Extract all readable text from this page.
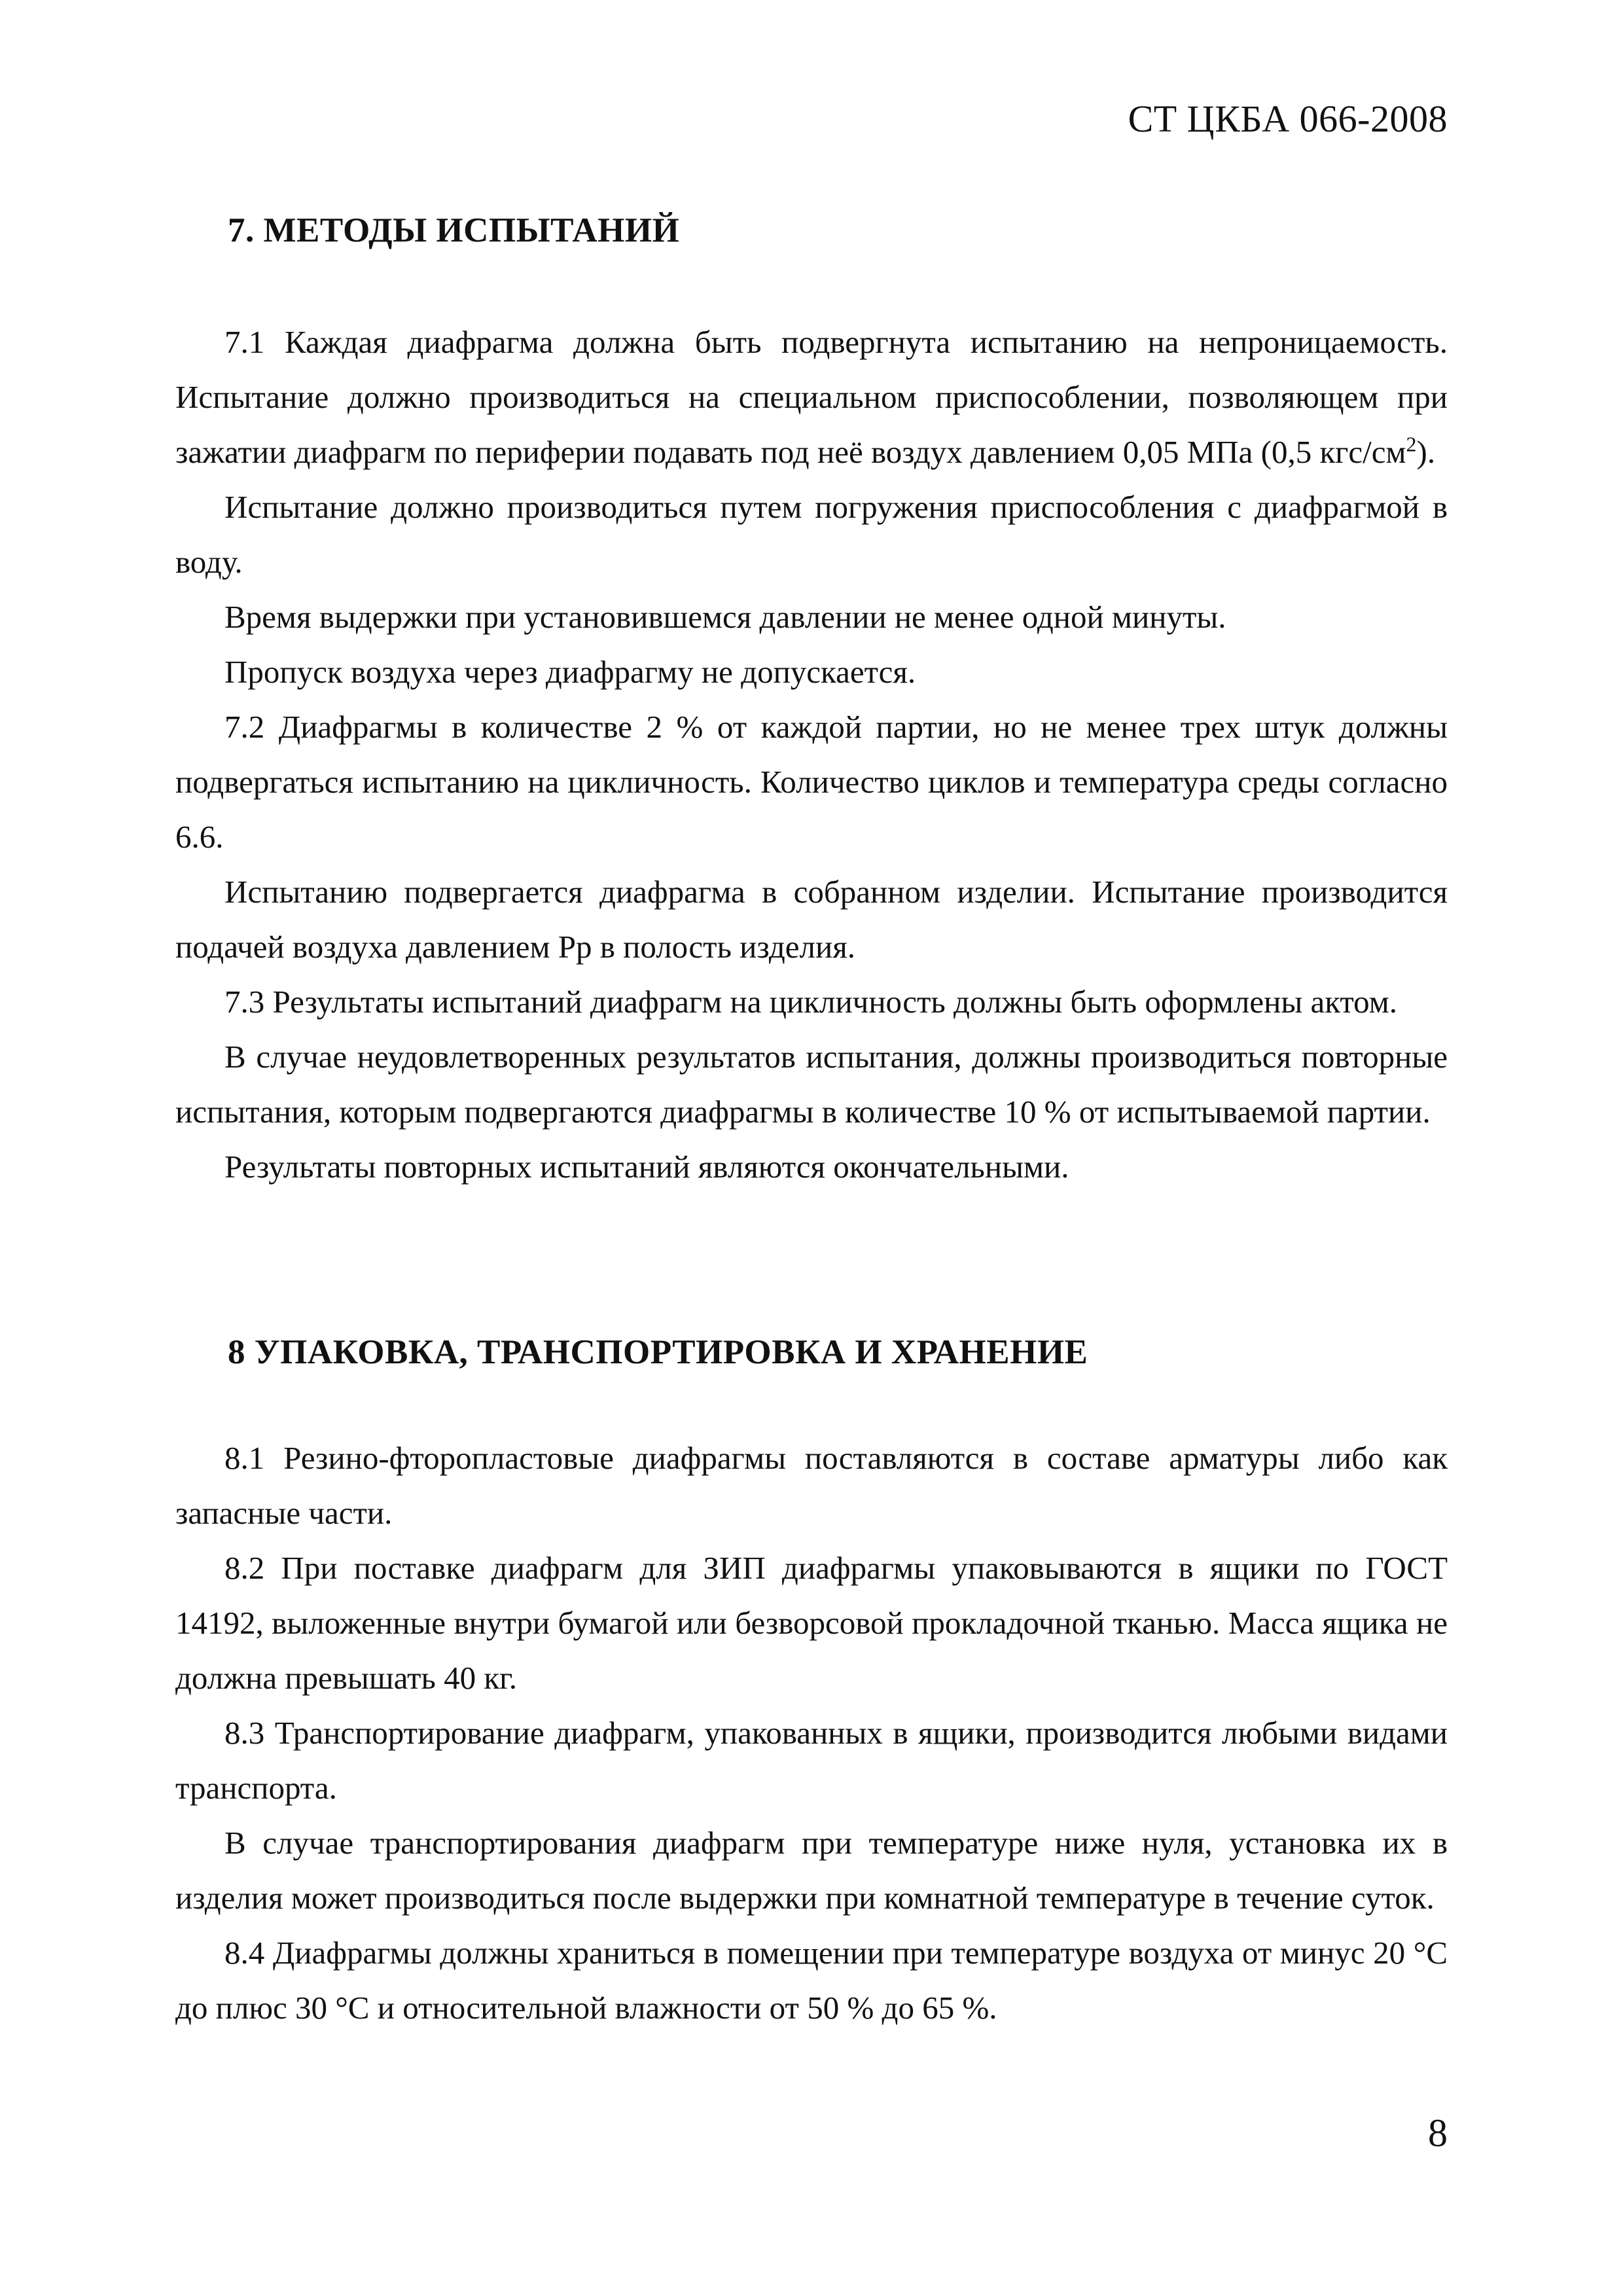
СТ ЦКБА 066-2008
7. МЕТОДЫ ИСПЫТАНИЙ

7.1 Каждая диафрагма должна быть подвергнута испытанию на непроницаемость. Испытание должно производиться на специальном приспособлении, позволяющем при зажатии диафрагм по периферии подавать под неё воздух давлением 0,05 МПа (0,5 кгс/$см^2$).

Испытание должно производиться путем погружения приспособления с диафрагмой в воду.

Время выдержки при установившемся давлении не менее одной минуты.

Пропуск воздуха через диафрагму не допускается.

7.2 Диафрагмы в количестве 2 % от каждой партии, но не менее трех штук должны подвергаться испытанию на цикличность. Количество циклов и температура среды согласно 6.6.

Испытанию подвергается диафрагма в собранном изделии. Испытание производится подачей воздуха давлением Рр в полость изделия.

7.3 Результаты испытаний диафрагм на цикличность должны быть оформлены актом.

В случае неудовлетворенных результатов испытания, должны производиться повторные испытания, которым подвергаются диафрагмы в количестве 10 % от испытываемой партии.

Результаты повторных испытаний являются окончательными.

8 УПАКОВКА, ТРАНСПОРТИРОВКА И ХРАНЕНИЕ

8.1 Резино-фторопластовые диафрагмы поставляются в составе арматуры либо как запасные части.

8.2 При поставке диафрагм для ЗИП диафрагмы упаковываются в ящики по ГОСТ 14192, выложенные внутри бумагой или безворсовой прокладочной тканью. Масса ящика не должна превышать 40 кг.

8.3 Транспортирование диафрагм, упакованных в ящики, производится любыми видами транспорта.

В случае транспортирования диафрагм при температуре ниже нуля, установка их в изделия может производиться после выдержки при комнатной температуре в течение суток.

8.4 Диафрагмы должны храниться в помещении при температуре воздуха от минус 20 °С до плюс 30 °С и относительной влажности от 50 % до 65 %.

8
